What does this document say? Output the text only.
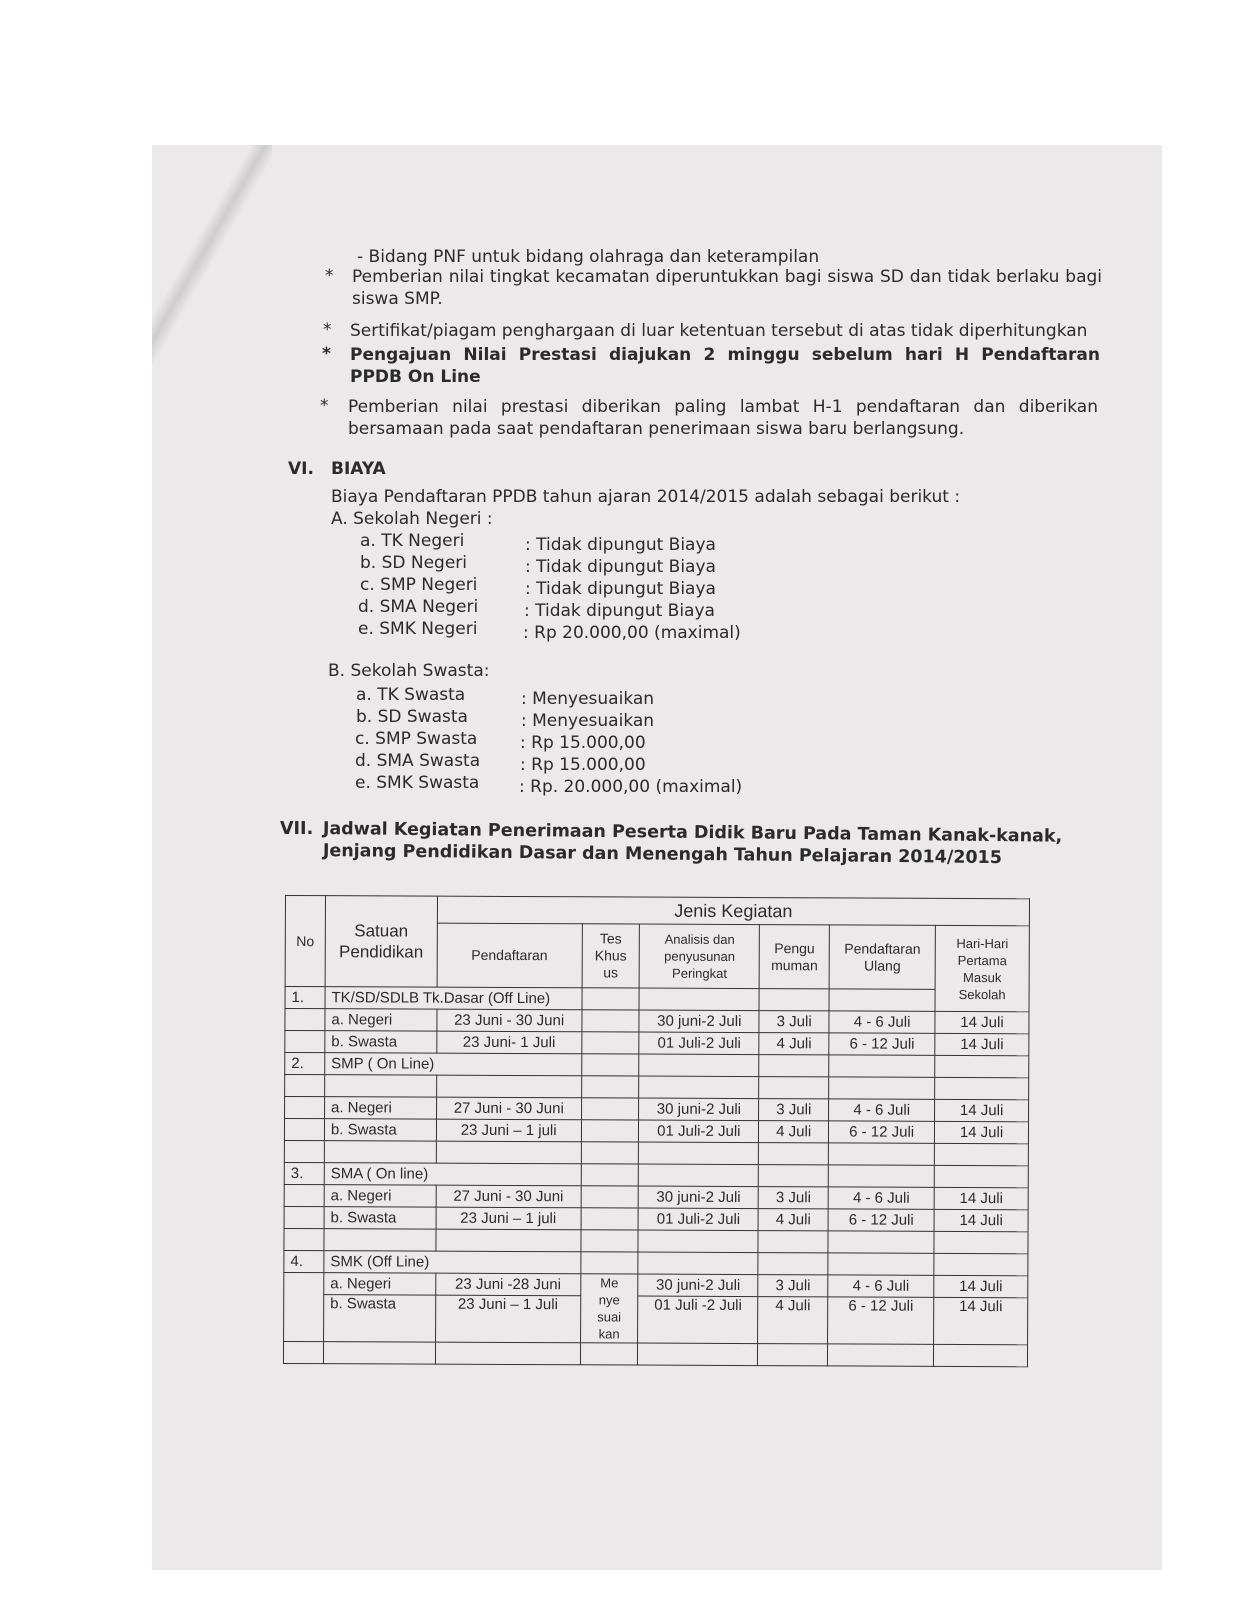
- Bidang PNF untuk bidang olahraga dan keterampilan
* Pemberian nilai tingkat kecamatan diperuntukkan bagi siswa SD dan tidak berlaku bagi siswa SMP.
* Sertifikat/piagam penghargaan di luar ketentuan tersebut di atas tidak diperhitungkan
* Pengajuan Nilai Prestasi diajukan 2 minggu sebelum hari H Pendaftaran PPDB On Line
* Pemberian nilai prestasi diberikan paling lambat H-1 pendaftaran dan diberikan bersamaan pada saat pendaftaran penerimaan siswa baru berlangsung.
VI. BIAYA
Biaya Pendaftaran PPDB tahun ajaran 2014/2015 adalah sebagai berikut :
A. Sekolah Negeri :
a. TK Negeri	: Tidak dipungut Biaya
b. SD Negeri	: Tidak dipungut Biaya
c. SMP Negeri	: Tidak dipungut Biaya
d. SMA Negeri	: Tidak dipungut Biaya
e. SMK Negeri	: Rp 20.000,00 (maximal)
B. Sekolah Swasta:
a. TK Swasta	: Menyesuaikan
b. SD Swasta	: Menyesuaikan
c. SMP Swasta	: Rp 15.000,00
d. SMA Swasta : Rp 15.000,00
e. SMK Swasta : Rp. 20.000,00 (maximal)
VII. Jadwal Kegiatan Penerimaan Peserta Didik Baru Pada Taman Kanak-kanak,
Jenjang Pendidikan Dasar dan Menengah Tahun Pelajaran 2014/2015
No	Satuan Pendidikan	Jenis Kegiatan					
		Pendaftaran	Tes Khus us	Analisis dan penyusunan Peringkat	Pengu muman	Pendaftaran Ulang	Hari-Hari Pertama Masuk Sekolah
1.	TK/SD/SDLB Tk.Dasar (Off Line)						
	a. Negeri	23 Juni - 30 Juni		30 juni-2 Juli	3 Juli	4 - 6 Juli	14 Juli
	b. Swasta	23 Juni- 1 Juli		01 Juli-2 Juli	4 Juli	6 - 12 Juli	14 Juli
2.	SMP ( On Line)						

	a. Negeri	27 Juni - 30 Juni		30 juni-2 Juli	3 Juli	4 - 6 Juli	14 Juli
	b. Swasta	23 Juni – 1 juli		01 Juli-2 Juli	4 Juli	6 - 12 Juli	14 Juli

3.	SMA ( On line)						
	a. Negeri	27 Juni - 30 Juni		30 juni-2 Juli	3 Juli	4 - 6 Juli	14 Juli
	b. Swasta	23 Juni – 1 juli		01 Juli-2 Juli	4 Juli	6 - 12 Juli	14 Juli

4.	SMK (Off Line)						
	a. Negeri	23 Juni -28 Juni	Me nye suai kan	30 juni-2 Juli	3 Juli	4 - 6 Juli	14 Juli
	b. Swasta	23 Juni – 1 Juli		01 Juli -2 Juli	4 Juli	6 - 12 Juli	14 Juli
